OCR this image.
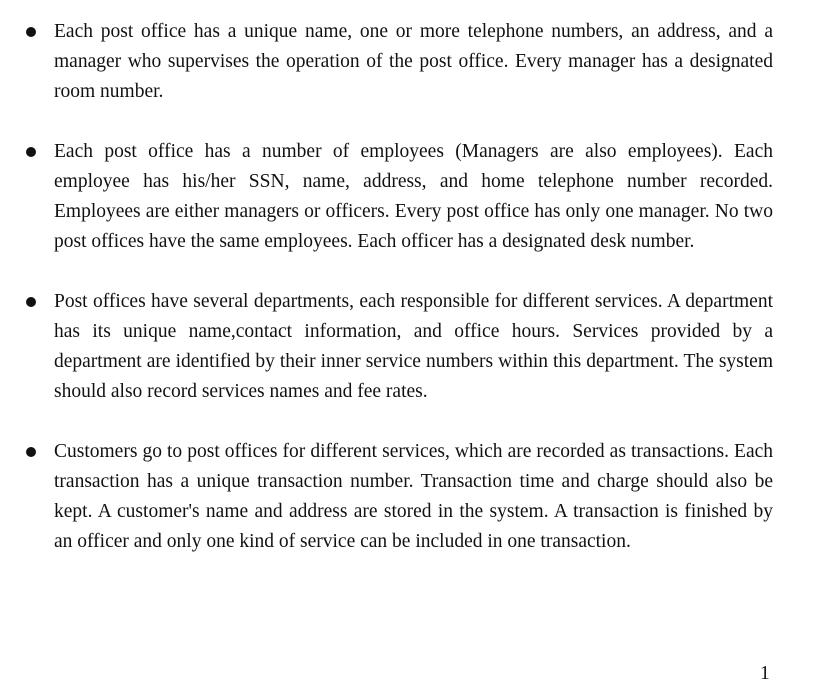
Each post office has a unique name, one or more telephone numbers, an address, and a manager who supervises the operation of the post office. Every manager has a designated room number.

Each post office has a number of employees (Managers are also employees). Each employee has his/her SSN, name, address, and home telephone number recorded. Employees are either managers or officers. Every post office has only one manager. No two post offices have the same employees. Each officer has a designated desk number.

Post offices have several departments, each responsible for different services. A department has its unique name,contact information, and office hours. Services provided by a department are identified by their inner service numbers within this department. The system should also record services names and fee rates.

Customers go to post offices for different services, which are recorded as transactions. Each transaction has a unique transaction number. Transaction time and charge should also be kept. A customer's name and address are stored in the system. A transaction is finished by an officer and only one kind of service can be included in one transaction.

1
